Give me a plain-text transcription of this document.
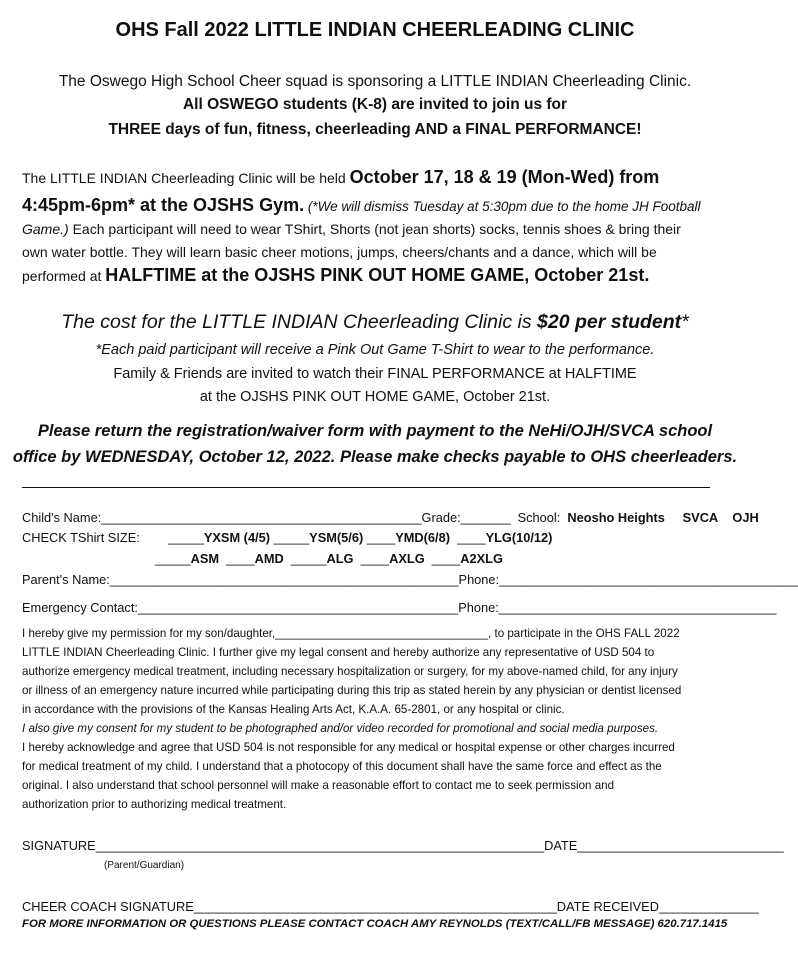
OHS Fall 2022 LITTLE INDIAN CHEERLEADING CLINIC
The Oswego High School Cheer squad is sponsoring a LITTLE INDIAN Cheerleading Clinic.
All OSWEGO students (K-8) are invited to join us for
THREE days of fun, fitness, cheerleading AND a FINAL PERFORMANCE!
The LITTLE INDIAN Cheerleading Clinic will be held October 17, 18 & 19 (Mon-Wed) from
4:45pm-6pm* at the OJSHS Gym. (*We will dismiss Tuesday at 5:30pm due to the home JH Football
Game.) Each participant will need to wear TShirt, Shorts (not jean shorts) socks, tennis shoes & bring their
own water bottle. They will learn basic cheer motions, jumps, cheers/chants and a dance, which will be
performed at HALFTIME at the OJSHS PINK OUT HOME GAME, October 21st.
The cost for the LITTLE INDIAN Cheerleading Clinic is $20 per student*
*Each paid participant will receive a Pink Out Game T-Shirt to wear to the performance.
Family & Friends are invited to watch their FINAL PERFORMANCE at HALFTIME
at the OJSHS PINK OUT HOME GAME, October 21st.
Please return the registration/waiver form with payment to the NeHi/OJH/SVCA school
office by WEDNESDAY, October 12, 2022. Please make checks payable to OHS cheerleaders.
Child's Name:_____________________________________________Grade:_______ School: Neosho Heights SVCA OJH
CHECK TShirt SIZE: _____YXSM (4/5) _____YSM(5/6) ____YMD(6/8) ____YLG(10/12)
_____ASM ____AMD _____ALG ____AXLG ____A2XLG
Parent's Name:_________________________________________________Phone:__________________________________________
Emergency Contact:_____________________________________________Phone:_______________________________________
I hereby give my permission for my son/daughter,_________________________________, to participate in the OHS FALL 2022
LITTLE INDIAN Cheerleading Clinic. I further give my legal consent and hereby authorize any representative of USD 504 to
authorize emergency medical treatment, including necessary hospitalization or surgery, for my above-named child, for any injury
or illness of an emergency nature incurred while participating during this trip as stated herein by any physician or dentist licensed
in accordance with the provisions of the Kansas Healing Arts Act, K.A.A. 65-2801, or any hospital or clinic.
I also give my consent for my student to be photographed and/or video recorded for promotional and social media purposes.
I hereby acknowledge and agree that USD 504 is not responsible for any medical or hospital expense or other charges incurred
for medical treatment of my child. I understand that a photocopy of this document shall have the same force and effect as the
original. I also understand that school personnel will make a reasonable effort to contact me to seek permission and
authorization prior to authorizing medical treatment.
SIGNATURE_______________________________________________________________DATE_____________________________
(Parent/Guardian)
CHEER COACH SIGNATURE___________________________________________________DATE RECEIVED______________
FOR MORE INFORMATION OR QUESTIONS PLEASE CONTACT COACH AMY REYNOLDS (TEXT/CALL/FB MESSAGE) 620.717.1415
